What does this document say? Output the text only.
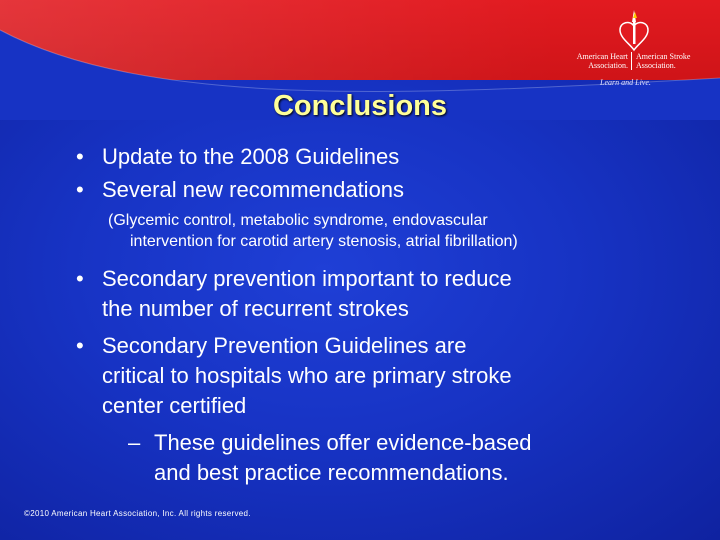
American Heart Association.
American Stroke Association.
Learn and Live.
Conclusions
• Update to the 2008 Guidelines
• Several new recommendations
(Glycemic control, metabolic syndrome, endovascular
intervention for carotid artery stenosis, atrial fibrillation)
• Secondary prevention important to reduce
the number of recurrent strokes
• Secondary Prevention Guidelines are
critical to hospitals who are primary stroke
center certified
– These guidelines offer evidence-based
and best practice recommendations.
©2010 American Heart Association, Inc. All rights reserved.
